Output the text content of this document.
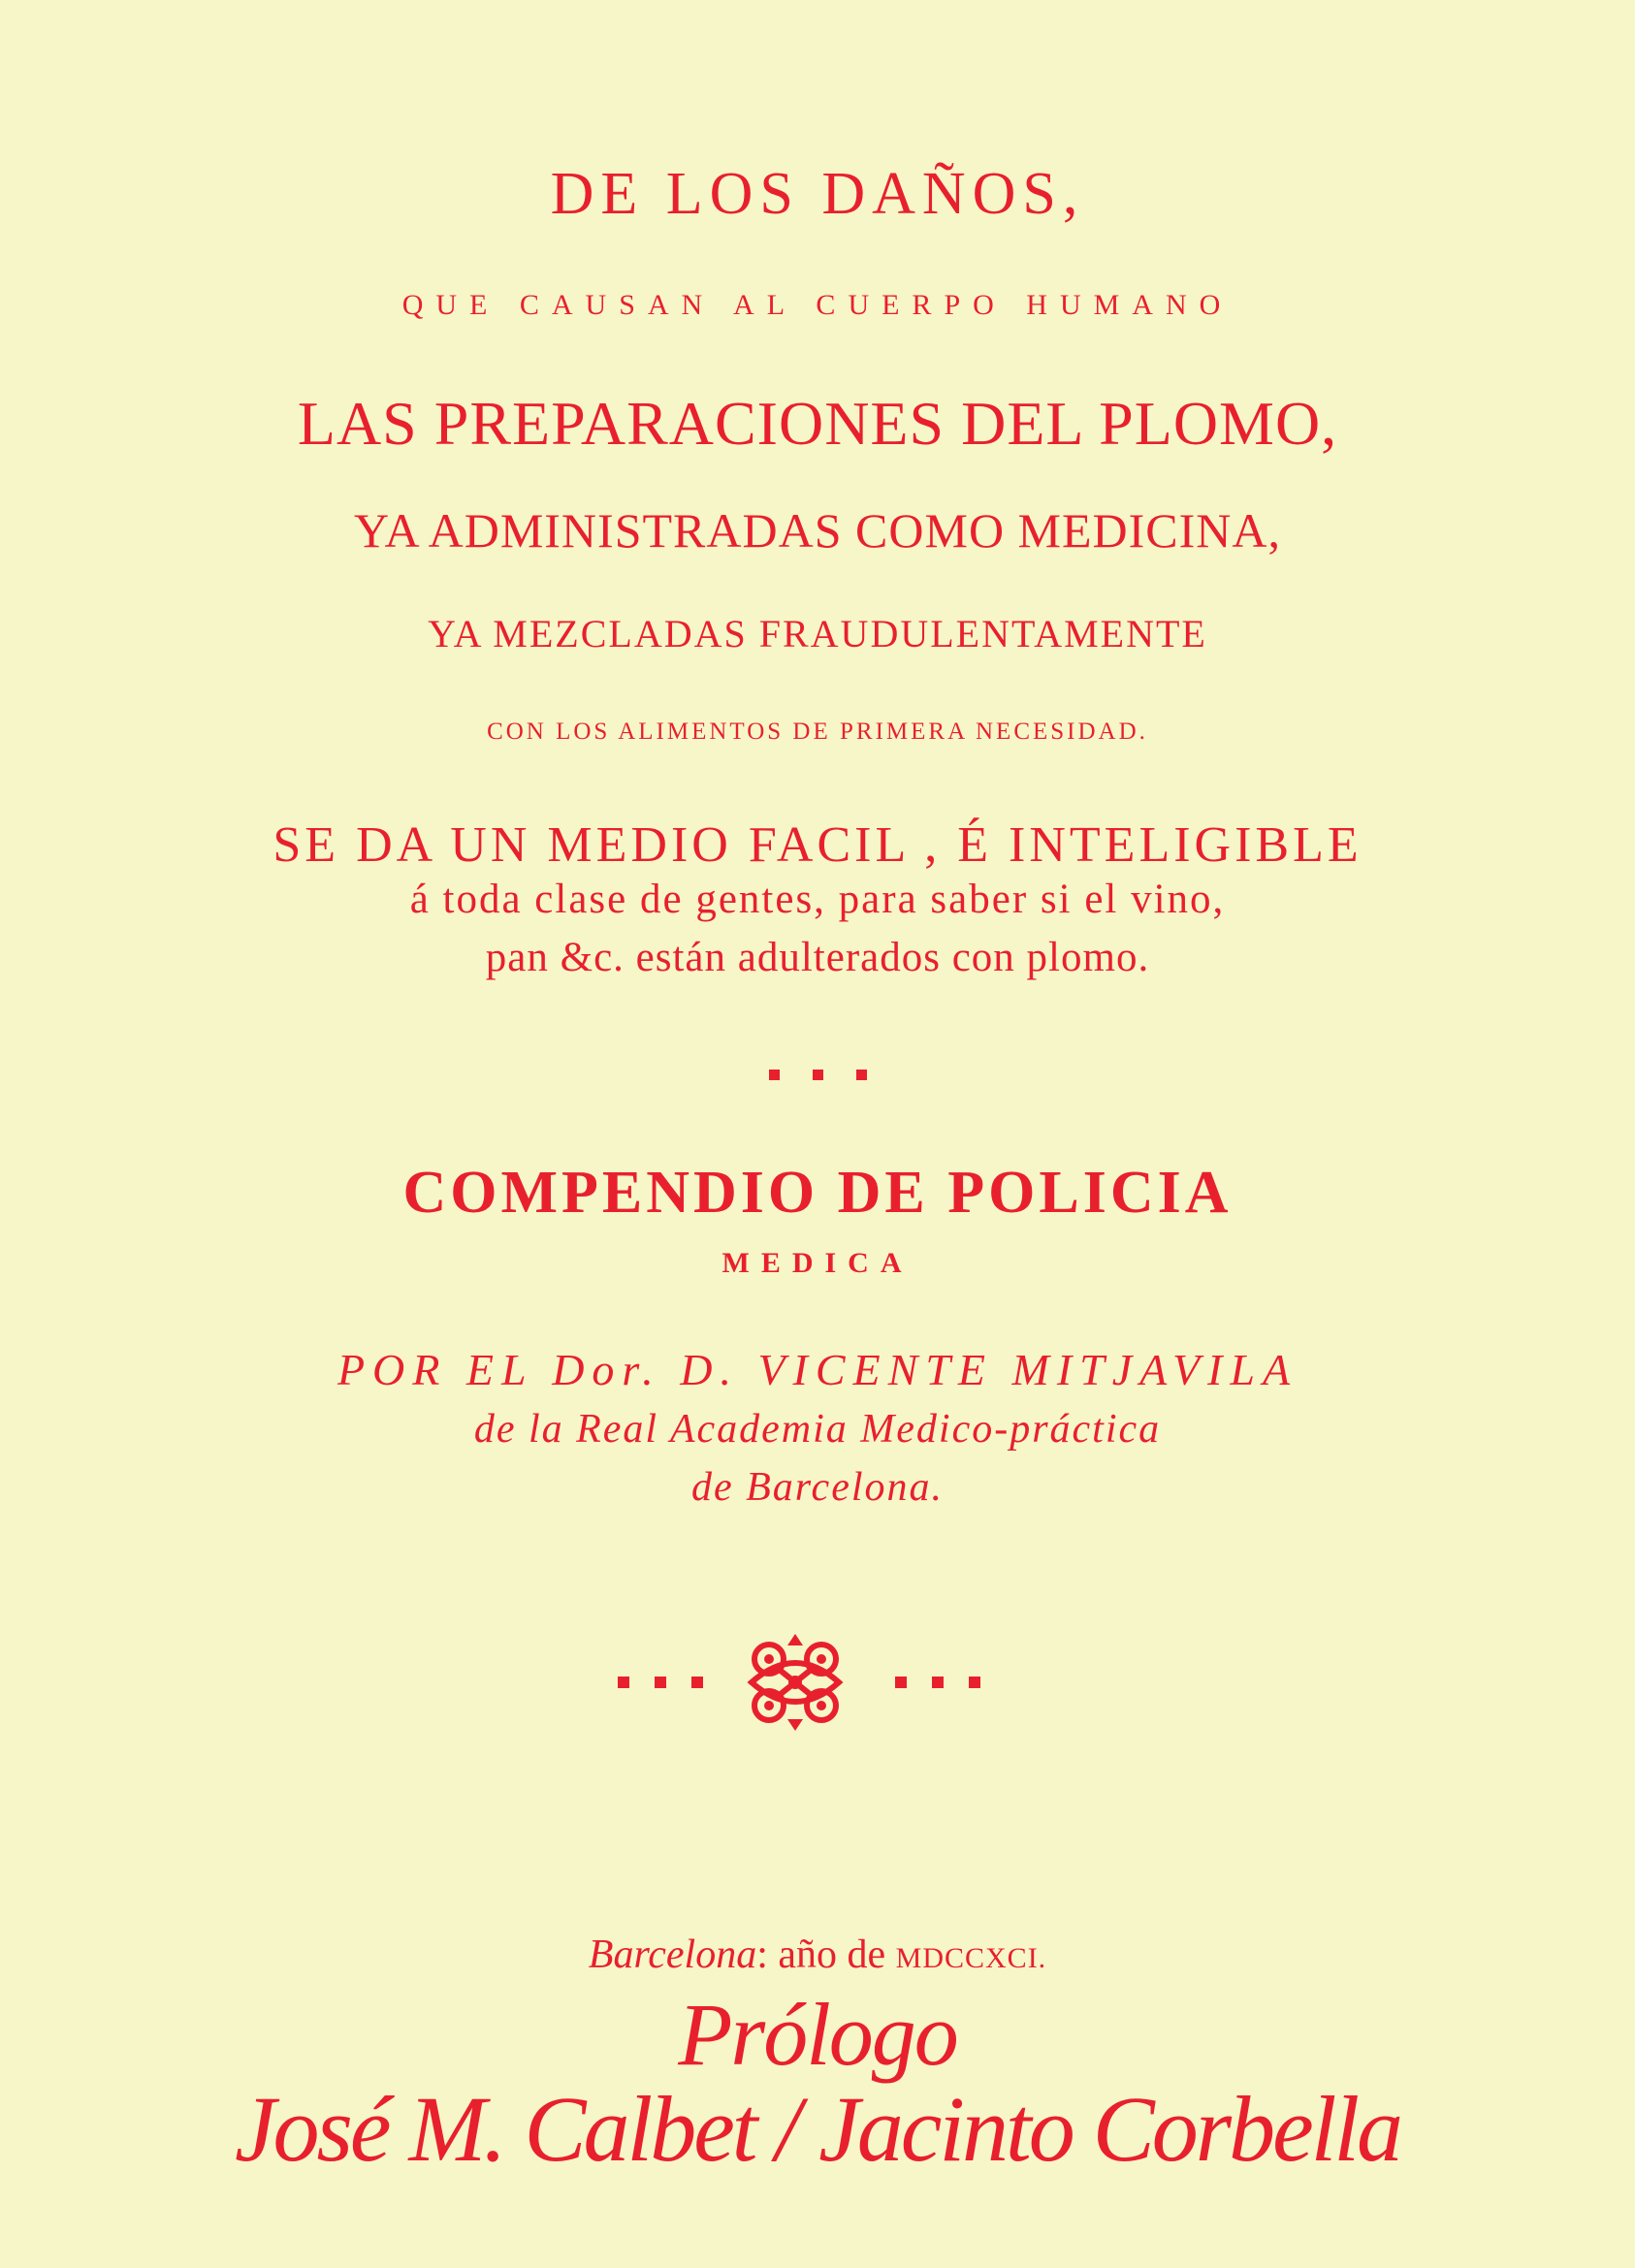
DE LOS DAÑOS,
QUE CAUSAN AL CUERPO HUMANO
LAS PREPARACIONES DEL PLOMO,
YA ADMINISTRADAS COMO MEDICINA,
YA MEZCLADAS FRAUDULENTAMENTE
CON LOS ALIMENTOS DE PRIMERA NECESIDAD.
SE DA UN MEDIO FACIL , É INTELIGIBLE
á toda clase de gentes, para saber si el vino,
pan &c. están adulterados con plomo.
COMPENDIO DE POLICIA
MEDICA
POR EL Dor. D. VICENTE MITJAVILA
de la Real Academia Medico-práctica
de Barcelona.
Barcelona: año de MDCCXCI.
Prólogo
José M. Calbet / Jacinto Corbella
